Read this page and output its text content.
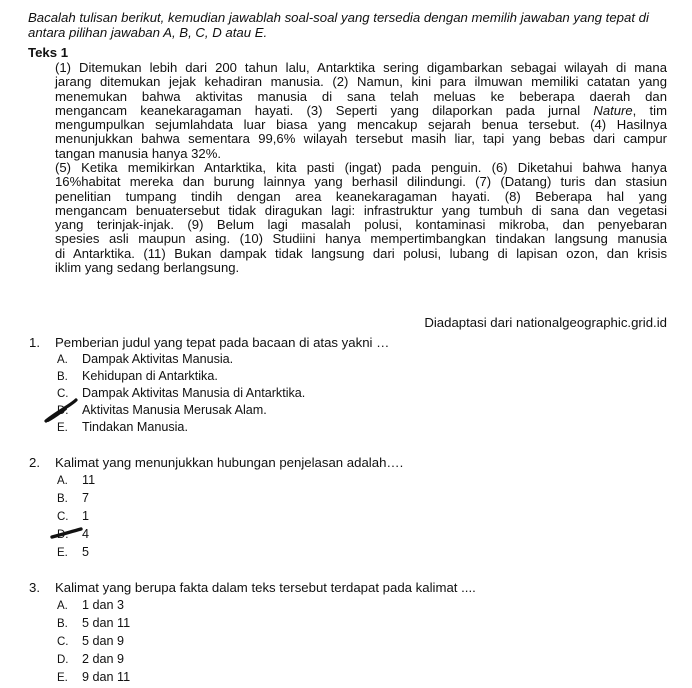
Bacalah tulisan berikut, kemudian jawablah soal-soal yang tersedia dengan memilih jawaban yang tepat di antara pilihan jawaban A, B, C, D atau E.
Teks 1
(1) Ditemukan lebih dari 200 tahun lalu, Antarktika sering digambarkan sebagai wilayah di mana
jarang ditemukan jejak kehadiran manusia. (2) Namun, kini para ilmuwan memiliki catatan yang
menemukan bahwa aktivitas manusia di sana telah meluas ke beberapa daerah dan
mengancam keanekaragaman hayati. (3) Seperti yang dilaporkan pada jurnal Nature, tim
mengumpulkan sejumlahdata luar biasa yang mencakup sejarah benua tersebut. (4) Hasilnya
menunjukkan bahwa sementara 99,6% wilayah tersebut masih liar, tapi yang bebas dari campur
tangan manusia hanya 32%.
(5) Ketika memikirkan Antarktika, kita pasti (ingat) pada penguin. (6) Diketahui bahwa hanya
16%habitat mereka dan burung lainnya yang berhasil dilindungi. (7) (Datang) turis dan stasiun
penelitian tumpang tindih dengan area keanekaragaman hayati. (8) Beberapa hal yang
mengancam benuatersebut tidak diragukan lagi: infrastruktur yang tumbuh di sana dan vegetasi
yang terinjak-injak. (9) Belum lagi masalah polusi, kontaminasi mikroba, dan penyebaran
spesies asli maupun asing. (10) Studiini hanya mempertimbangkan tindakan langsung manusia
di Antarktika. (11) Bukan dampak tidak langsung dari polusi, lubang di lapisan ozon, dan krisis
iklim yang sedang berlangsung.
Diadaptasi dari nationalgeographic.grid.id
1. Pemberian judul yang tepat pada bacaan di atas yakni …
A. Dampak Aktivitas Manusia.
B. Kehidupan di Antarktika.
C. Dampak Aktivitas Manusia di Antarktika.
D. Aktivitas Manusia Merusak Alam.
E. Tindakan Manusia.
2. Kalimat yang menunjukkan hubungan penjelasan adalah….
A. 11
B. 7
C. 1
D. 4
E. 5
3. Kalimat yang berupa fakta dalam teks tersebut terdapat pada kalimat ....
A. 1 dan 3
B. 5 dan 11
C. 5 dan 9
D. 2 dan 9
E. 9 dan 11
